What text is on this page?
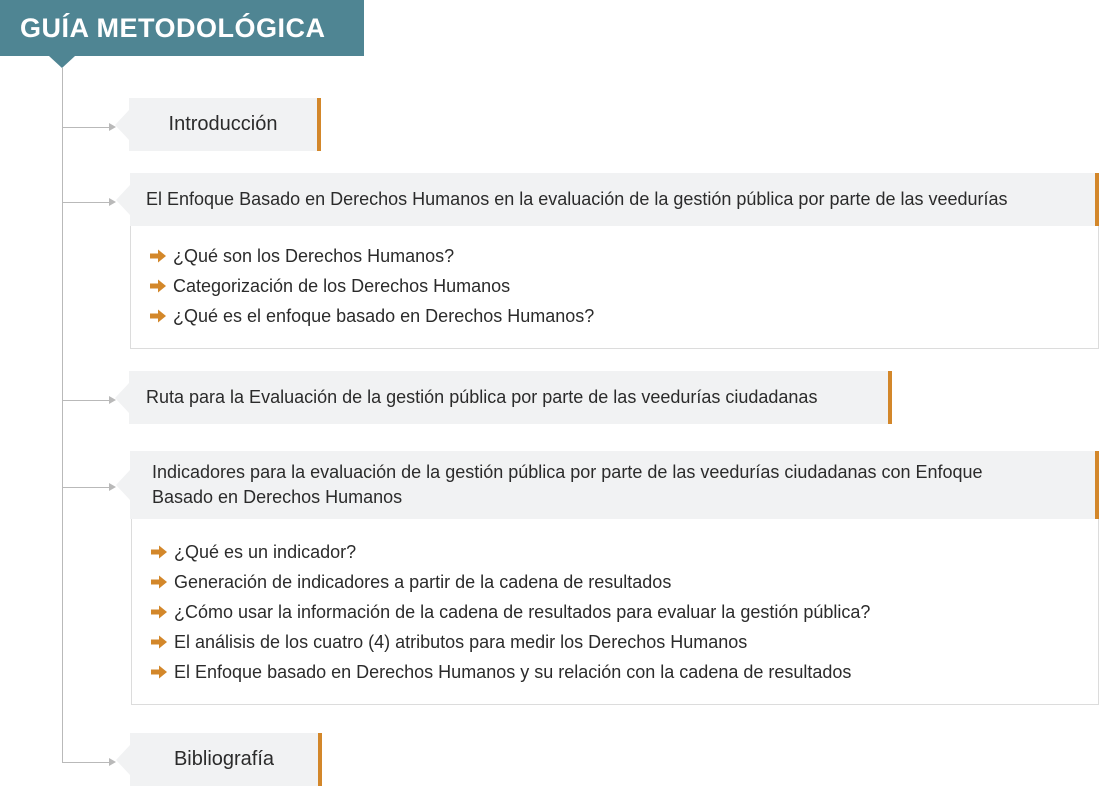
GUÍA METODOLÓGICA
Introducción
¿Qué son los Derechos Humanos?
Categorización de los Derechos Humanos
¿Qué es el enfoque basado en Derechos Humanos?
El Enfoque Basado en Derechos Humanos en la evaluación de la gestión pública por parte de las veedurías
Ruta para la Evaluación de la gestión pública por parte de las veedurías ciudadanas
¿Qué es un indicador?
Generación de indicadores a partir de la cadena de resultados
¿Cómo usar la información de la cadena de resultados para evaluar la gestión pública?
El análisis de los cuatro (4) atributos para medir los Derechos Humanos
El Enfoque basado en Derechos Humanos y su relación con la cadena de resultados
Indicadores para la evaluación de la gestión pública por parte de las veedurías ciudadanas con Enfoque
Basado en Derechos Humanos
Bibliografía
